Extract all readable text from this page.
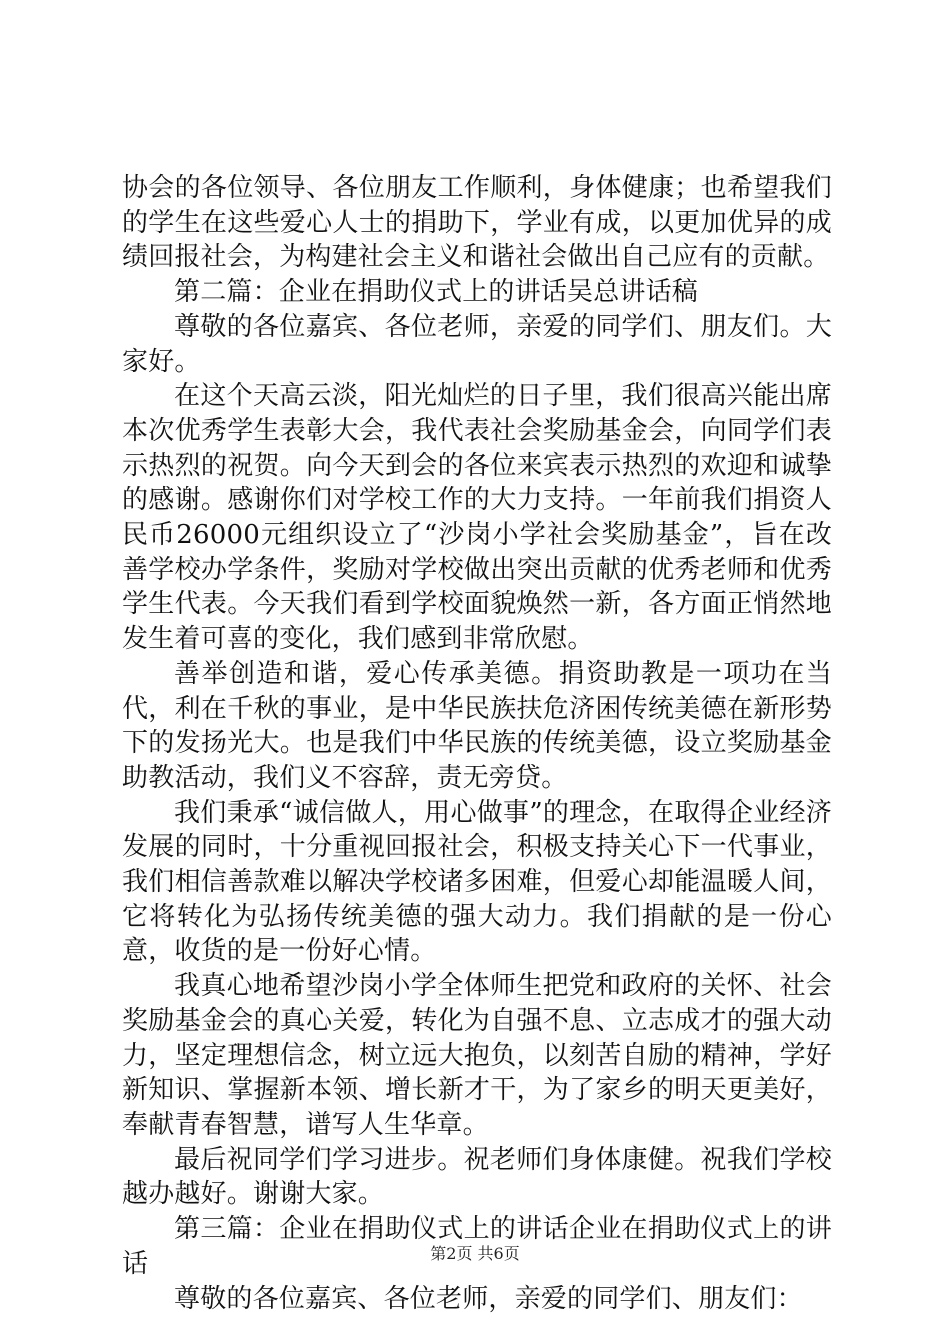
协会的各位领导、各位朋友工作顺利，身体健康；也希望我们的学生在这些爱心人士的捐助下，学业有成，以更加优异的成绩回报社会，为构建社会主义和谐社会做出自己应有的贡献。

第二篇：企业在捐助仪式上的讲话吴总讲话稿

尊敬的各位嘉宾、各位老师，亲爱的同学们、朋友们。大家好。

在这个天高云淡，阳光灿烂的日子里，我们很高兴能出席本次优秀学生表彰大会，我代表社会奖励基金会，向同学们表示热烈的祝贺。向今天到会的各位来宾表示热烈的欢迎和诚挚的感谢。感谢你们对学校工作的大力支持。一年前我们捐资人民币26000元组织设立了“沙岗小学社会奖励基金”，旨在改善学校办学条件，奖励对学校做出突出贡献的优秀老师和优秀学生代表。今天我们看到学校面貌焕然一新，各方面正悄然地发生着可喜的变化，我们感到非常欣慰。

善举创造和谐，爱心传承美德。捐资助教是一项功在当代，利在千秋的事业，是中华民族扶危济困传统美德在新形势下的发扬光大。也是我们中华民族的传统美德，设立奖励基金助教活动，我们义不容辞，责无旁贷。

我们秉承“诚信做人，用心做事”的理念，在取得企业经济发展的同时，十分重视回报社会，积极支持关心下一代事业，我们相信善款难以解决学校诸多困难，但爱心却能温暖人间，它将转化为弘扬传统美德的强大动力。我们捐献的是一份心意，收货的是一份好心情。

我真心地希望沙岗小学全体师生把党和政府的关怀、社会奖励基金会的真心关爱，转化为自强不息、立志成才的强大动力，坚定理想信念，树立远大抱负，以刻苦自励的精神，学好新知识、掌握新本领、增长新才干，为了家乡的明天更美好，奉献青春智慧，谱写人生华章。

最后祝同学们学习进步。祝老师们身体康健。祝我们学校越办越好。谢谢大家。

第三篇：企业在捐助仪式上的讲话企业在捐助仪式上的讲话

尊敬的各位嘉宾、各位老师，亲爱的同学们、朋友们：

第2页 共6页
